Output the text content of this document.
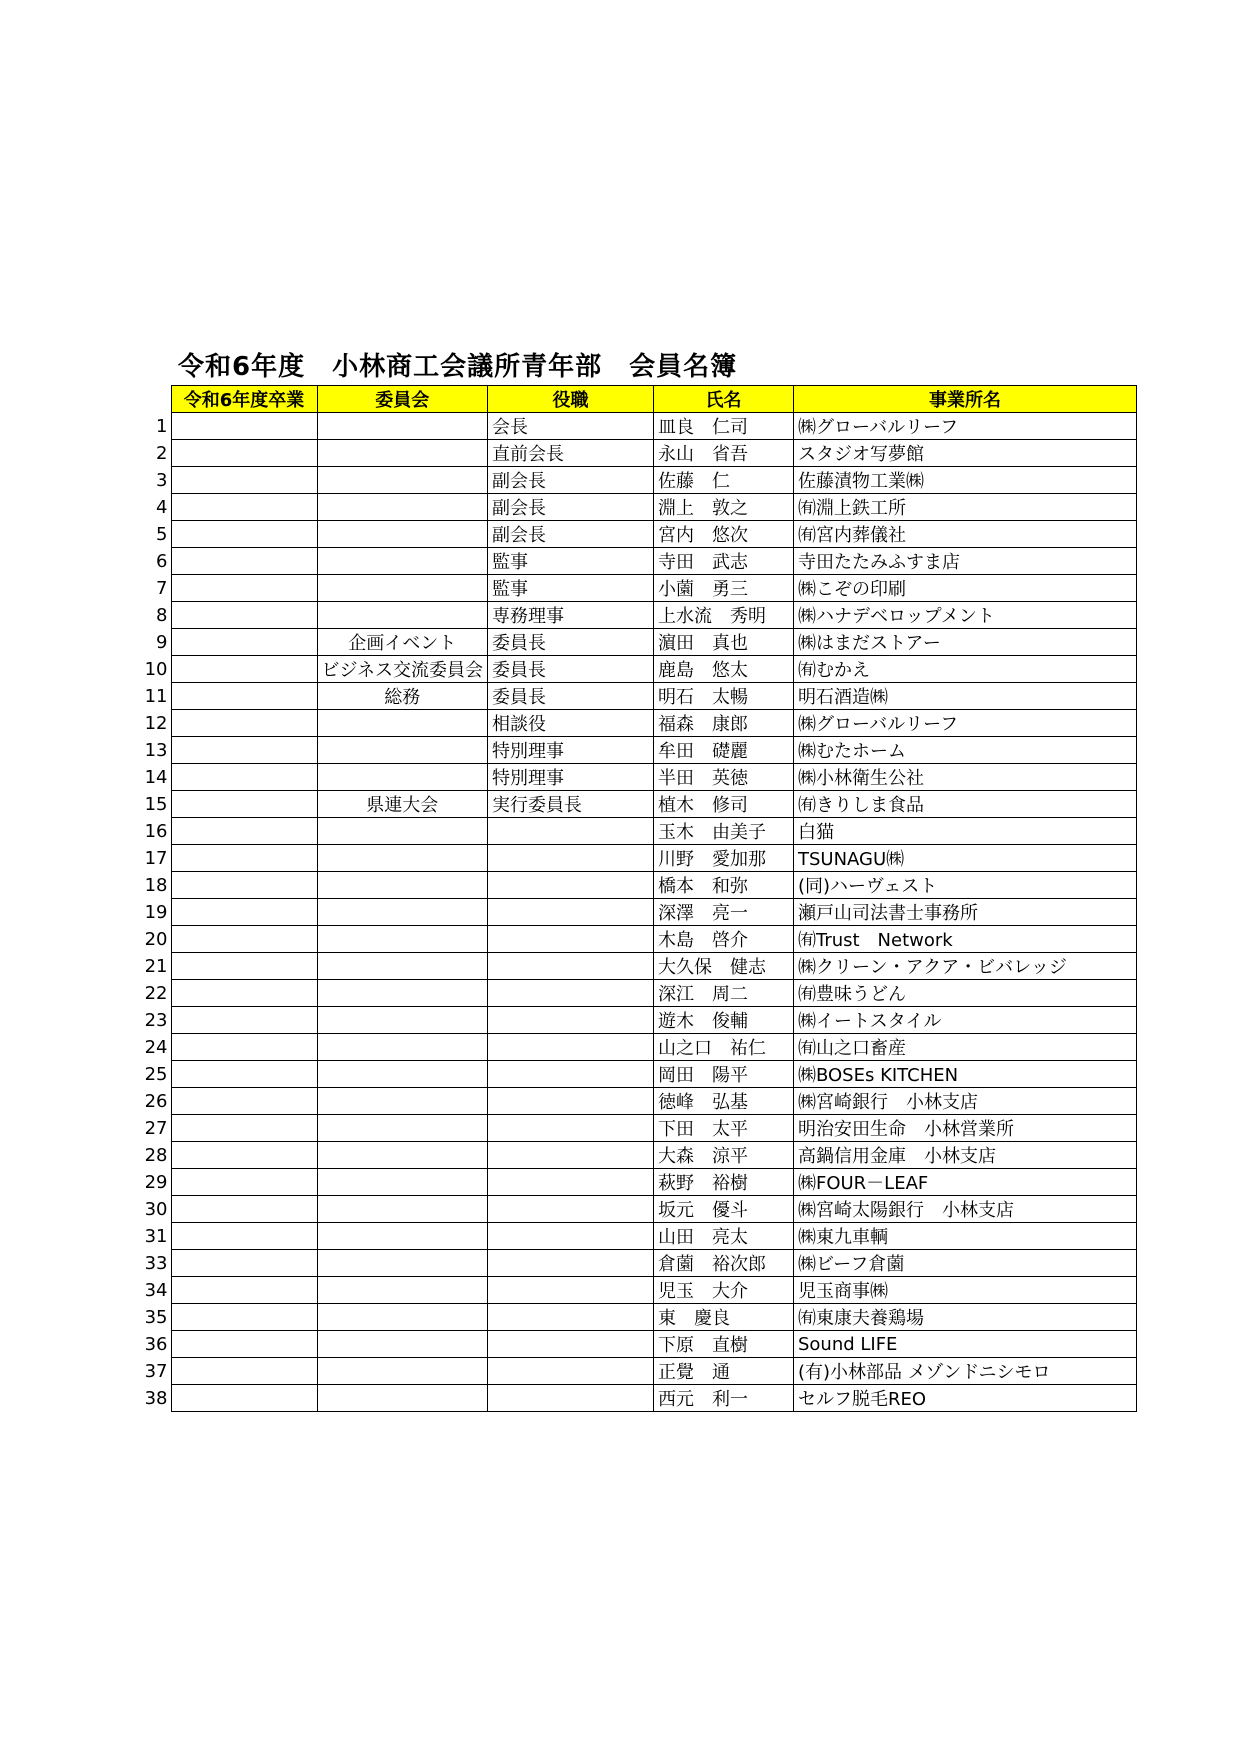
令和6年度　小林商工会議所青年部　会員名簿
	令和6年度卒業	委員会	役職	氏名	事業所名
1			会長	皿良　仁司	㈱グローバルリーフ
2			直前会長	永山　省吾	スタジオ写夢館
3			副会長	佐藤　仁	佐藤漬物工業㈱
4			副会長	淵上　敦之	㈲淵上鉄工所
5			副会長	宮内　悠次	㈲宮内葬儀社
6			監事	寺田　武志	寺田たたみふすま店
7			監事	小薗　勇三	㈱こぞの印刷
8			専務理事	上水流　秀明	㈱ハナデベロップメント
9		企画イベント	委員長	濵田　真也	㈱はまだストアー
10		ビジネス交流委員会	委員長	鹿島　悠太	㈲むかえ
11		総務	委員長	明石　太暢	明石酒造㈱
12			相談役	福森　康郎	㈱グローバルリーフ
13			特別理事	牟田　礎麗	㈱むたホーム
14			特別理事	半田　英徳	㈱小林衛生公社
15		県連大会	実行委員長	植木　修司	㈲きりしま食品
16				玉木　由美子	白猫
17				川野　愛加那	TSUNAGU㈱
18				橋本　和弥	(同)ハーヴェスト
19				深澤　亮一	瀬戸山司法書士事務所
20				木島　啓介	㈲Trust　Network
21				大久保　健志	㈱クリーン・アクア・ビバレッジ
22				深江　周二	㈲豊味うどん
23				遊木　俊輔	㈱イートスタイル
24				山之口　祐仁	㈲山之口畜産
25				岡田　陽平	㈱BOSEs KITCHEN
26				徳峰　弘基	㈱宮崎銀行　小林支店
27				下田　太平	明治安田生命　小林営業所
28				大森　涼平	高鍋信用金庫　小林支店
29				萩野　裕樹	㈱FOUR－LEAF
30				坂元　優斗	㈱宮崎太陽銀行　小林支店
31				山田　亮太	㈱東九車輌
33				倉薗　裕次郎	㈱ビーフ倉薗
34				児玉　大介	児玉商事㈱
35				東　慶良	㈲東康夫養鶏場
36				下原　直樹	Sound LIFE
37				正覺　通	(有)小林部品 メゾンドニシモロ
38				西元　利一	セルフ脱毛REO
